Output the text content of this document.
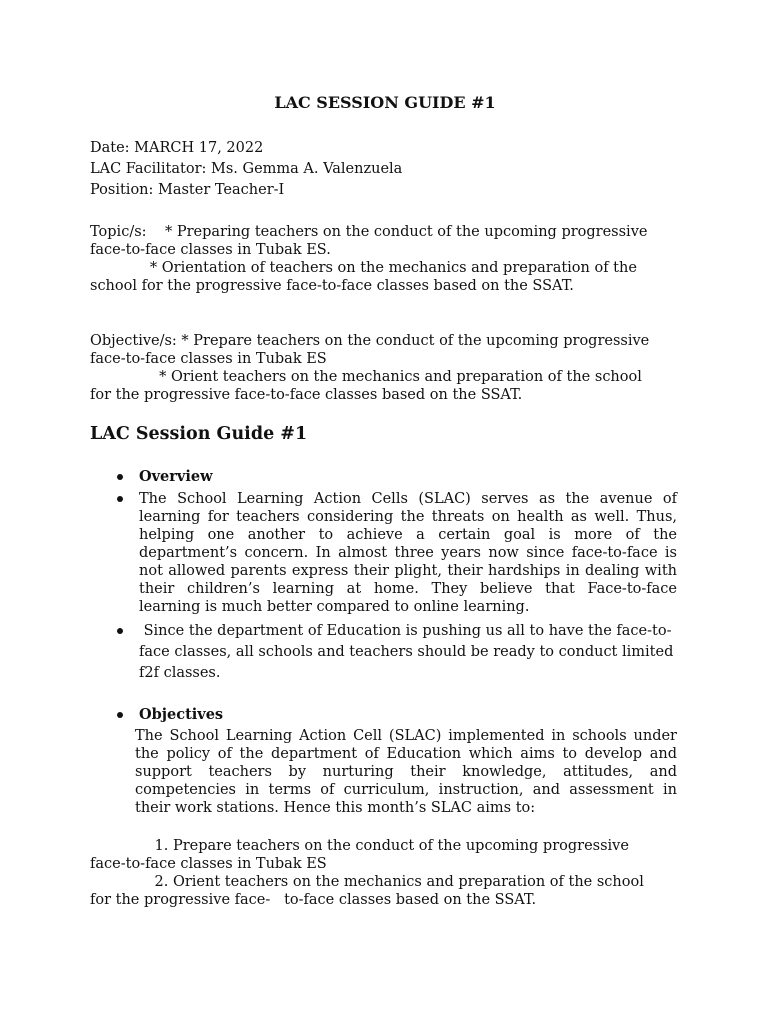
LAC SESSION GUIDE #1
Date: MARCH 17, 2022
LAC Facilitator: Ms. Gemma A. Valenzuela
Position: Master Teacher-I
Topic/s:    * Preparing teachers on the conduct of the upcoming progressive
face-to-face classes in Tubak ES.
* Orientation of teachers on the mechanics and preparation of the
school for the progressive face-to-face classes based on the SSAT.
Objective/s: * Prepare teachers on the conduct of the upcoming progressive
face-to-face classes in Tubak ES
* Orient teachers on the mechanics and preparation of the school
for the progressive face-to-face classes based on the SSAT.
LAC Session Guide #1
Overview
The School Learning Action Cells (SLAC) serves as the avenue of learning for teachers considering the threats on health as well. Thus, helping one another to achieve a certain goal is more of the department’s concern. In almost three years now since face-to-face is not allowed parents express their plight, their hardships in dealing with their children’s learning at home. They believe that Face-to-face learning is much better compared to online learning.
Since the department of Education is pushing us all to have the face-to-
face classes, all schools and teachers should be ready to conduct limited
f2f classes.
Objectives
The School Learning Action Cell (SLAC) implemented in schools under the policy of the department of Education which aims to develop and support teachers by nurturing their knowledge, attitudes, and competencies in terms of curriculum, instruction, and assessment in their work stations. Hence this month’s SLAC aims to:
1. Prepare teachers on the conduct of the upcoming progressive
face-to-face classes in Tubak ES
2. Orient teachers on the mechanics and preparation of the school
for the progressive face-   to-face classes based on the SSAT.
